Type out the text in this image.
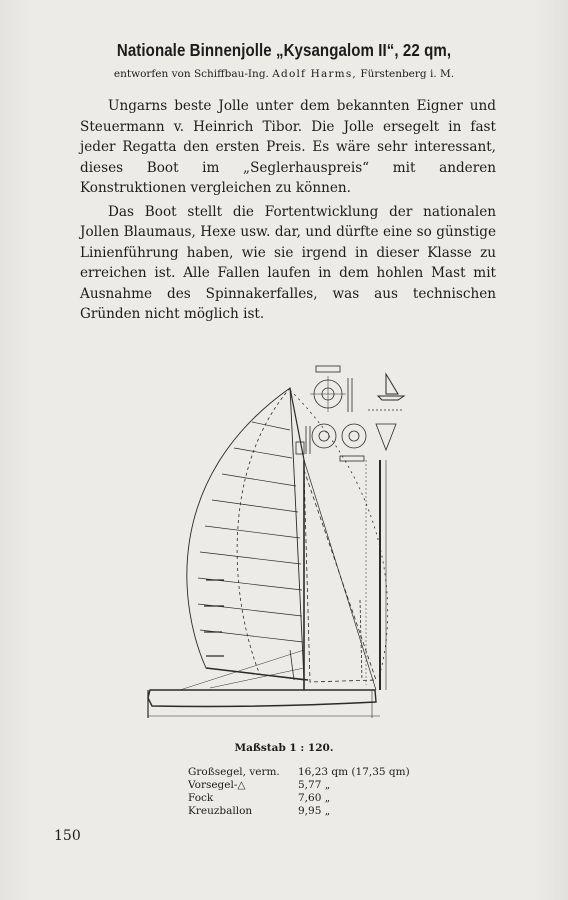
Nationale Binnenjolle „Kysangalom II“, 22 qm,
entworfen von Schiffbau-Ing. Adolf Harms, Fürstenberg i. M.

Ungarns beste Jolle unter dem bekannten Eigner und Steuermann v. Heinrich Tibor. Die Jolle ersegelt in fast jeder Regatta den ersten Preis. Es wäre sehr interessant, dieses Boot im „Seglerhauspreis“ mit anderen Konstruktionen vergleichen zu können.

Das Boot stellt die Fortentwicklung der nationalen Jollen Blaumaus, Hexe usw. dar, und dürfte eine so günstige Linienführung haben, wie sie irgend in dieser Klasse zu erreichen ist. Alle Fallen laufen in dem hohlen Mast mit Ausnahme des Spinnakerfalles, was aus technischen Gründen nicht möglich ist.

Maßstab 1 : 120.
Großsegel, verm. 16,23 qm (17,35 qm)
Vorsegel-△	5,77 „
Fock	7,60 „
Kreuzballon	9,95 „
150
